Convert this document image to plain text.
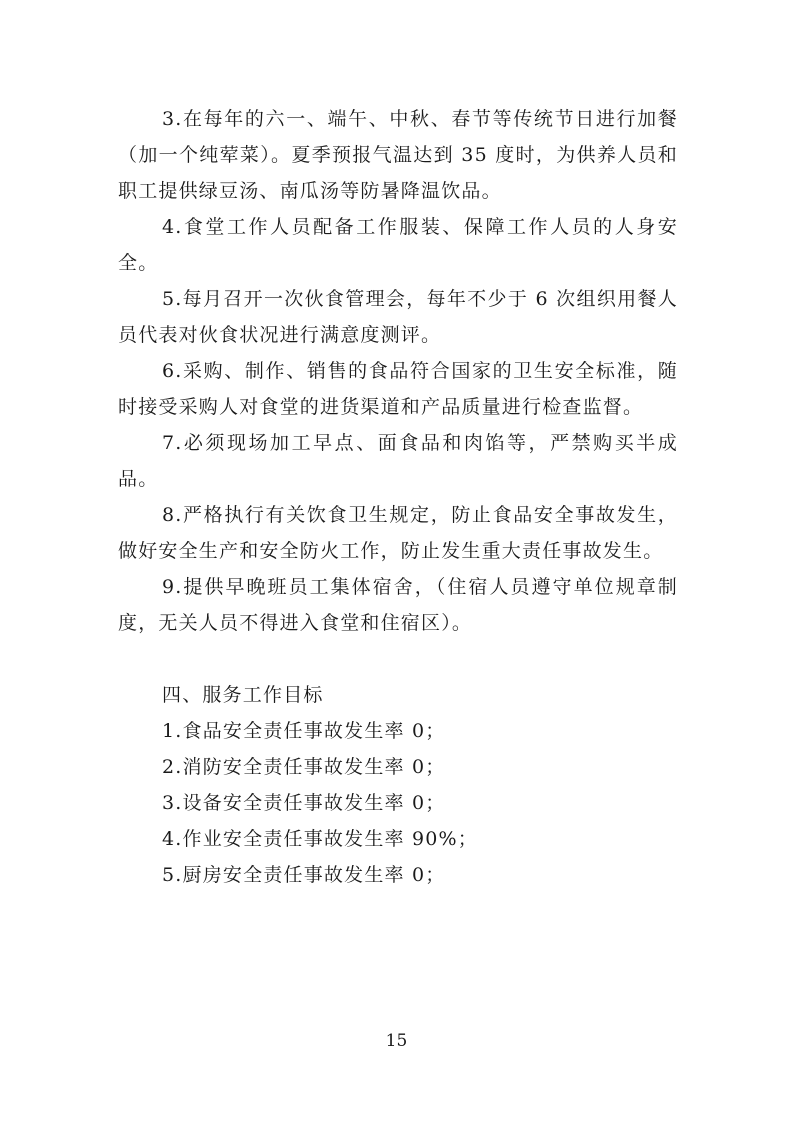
3.在每年的六一、端午、中秋、春节等传统节日进行加餐（加一个纯荤菜）。夏季预报气温达到 35 度时，为供养人员和职工提供绿豆汤、南瓜汤等防暑降温饮品。

4.食堂工作人员配备工作服装、保障工作人员的人身安全。

5.每月召开一次伙食管理会，每年不少于 6 次组织用餐人员代表对伙食状况进行满意度测评。

6.采购、制作、销售的食品符合国家的卫生安全标准，随时接受采购人对食堂的进货渠道和产品质量进行检查监督。

7.必须现场加工早点、面食品和肉馅等，严禁购买半成品。

8.严格执行有关饮食卫生规定，防止食品安全事故发生，做好安全生产和安全防火工作，防止发生重大责任事故发生。

9.提供早晚班员工集体宿舍，（住宿人员遵守单位规章制度，无关人员不得进入食堂和住宿区）。

四、服务工作目标

1.食品安全责任事故发生率 0；

2.消防安全责任事故发生率 0；

3.设备安全责任事故发生率 0；

4.作业安全责任事故发生率 90%；

5.厨房安全责任事故发生率 0；

15
